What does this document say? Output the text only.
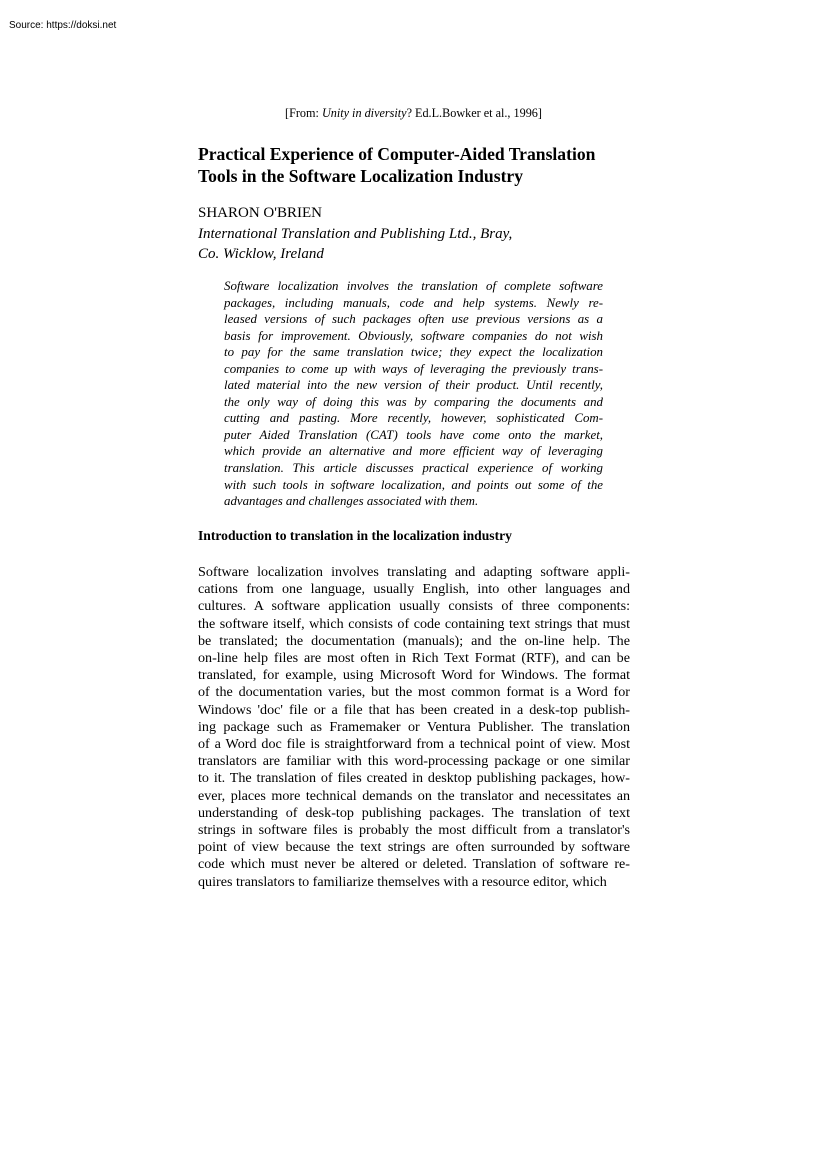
Source: https://doksi.net
[From: Unity in diversity? Ed.L.Bowker et al., 1996]
Practical Experience of Computer-Aided Translation
Tools in the Software Localization Industry
SHARON O'BRIEN
International Translation and Publishing Ltd., Bray,
Co. Wicklow, Ireland
Software localization involves the translation of complete software
packages, including manuals, code and help systems. Newly re-
leased versions of such packages often use previous versions as a
basis for improvement. Obviously, software companies do not wish
to pay for the same translation twice; they expect the localization
companies to come up with ways of leveraging the previously trans-
lated material into the new version of their product. Until recently,
the only way of doing this was by comparing the documents and
cutting and pasting. More recently, however, sophisticated Com-
puter Aided Translation (CAT) tools have come onto the market,
which provide an alternative and more efficient way of leveraging
translation. This article discusses practical experience of working
with such tools in software localization, and points out some of the
advantages and challenges associated with them.
Introduction to translation in the localization industry
Software localization involves translating and adapting software appli-
cations from one language, usually English, into other languages and
cultures. A software application usually consists of three components:
the software itself, which consists of code containing text strings that must
be translated; the documentation (manuals); and the on-line help. The
on-line help files are most often in Rich Text Format (RTF), and can be
translated, for example, using Microsoft Word for Windows. The format
of the documentation varies, but the most common format is a Word for
Windows 'doc' file or a file that has been created in a desk-top publish-
ing package such as Framemaker or Ventura Publisher. The translation
of a Word doc file is straightforward from a technical point of view. Most
translators are familiar with this word-processing package or one similar
to it. The translation of files created in desktop publishing packages, how-
ever, places more technical demands on the translator and necessitates an
understanding of desk-top publishing packages. The translation of text
strings in software files is probably the most difficult from a translator's
point of view because the text strings are often surrounded by software
code which must never be altered or deleted. Translation of software re-
quires translators to familiarize themselves with a resource editor, which
